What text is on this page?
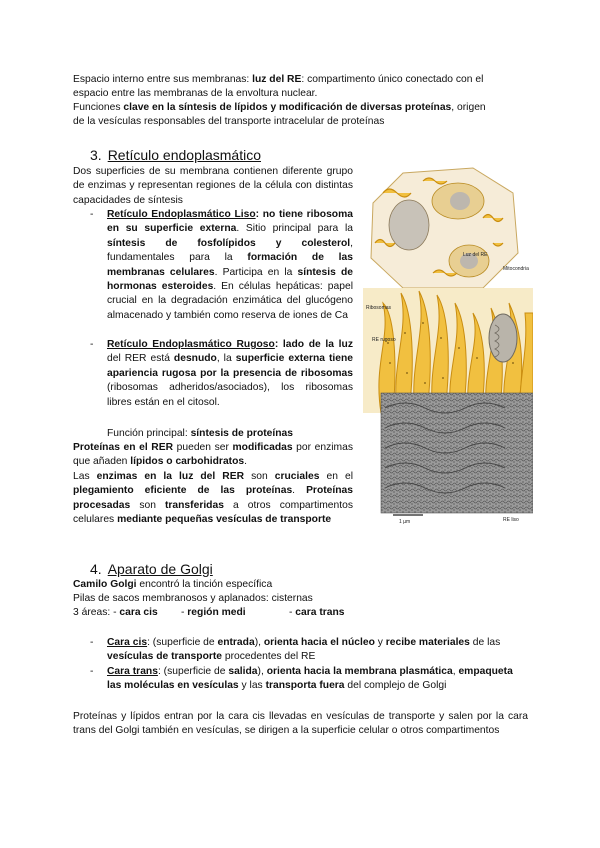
Espacio interno entre sus membranas: luz del RE: compartimento único conectado con el
espacio entre las membranas de la envoltura nuclear.
Funciones clave en la síntesis de lípidos y modificación de diversas proteínas, origen
de la vesículas responsables del transporte intracelular de proteínas
3. Retículo endoplasmático
Dos superficies de su membrana contienen diferente grupo de enzimas y representan regiones de la célula con distintas capacidades de síntesis
- Retículo Endoplasmático Liso: no tiene ribosoma en su superficie externa. Sitio principal para la síntesis de fosfolípidos y colesterol, fundamentales para la formación de las membranas celulares. Participa en la síntesis de hormonas esteroides. En células hepáticas: papel crucial en la degradación enzimática del glucógeno almacenado y también como reserva de iones de Ca
- Retículo Endoplasmático Rugoso: lado de la luz del RER está desnudo, la superficie externa tiene apariencia rugosa por la presencia de ribosomas (ribosomas adheridos/asociados), los ribosomas libres están en el citosol.
Función principal: síntesis de proteínas
Proteínas en el RER pueden ser modificadas por enzimas que añaden lípidos o carbohidratos.
Las enzimas en la luz del RER son cruciales en el plegamiento eficiente de las proteínas. Proteínas procesadas son transferidas a otros compartimentos celulares mediante pequeñas vesículas de transporte
Luz del RE
Mitocondria
Ribosomas
RE rugoso
1 µm	RE liso
4. Aparato de Golgi
Camilo Golgi encontró la tinción específica
Pilas de sacos membranosos y aplanados: cisternas
3 áreas: - cara cis - región medi	- cara trans
- Cara cis: (superficie de entrada), orienta hacia el núcleo y recibe materiales de las vesículas de transporte procedentes del RE
- Cara trans: (superficie de salida), orienta hacia la membrana plasmática, empaqueta las moléculas en vesículas y las transporta fuera del complejo de Golgi
Proteínas y lípidos entran por la cara cis llevadas en vesículas de transporte y salen por la cara trans del Golgi también en vesículas, se dirigen a la superficie celular o otros compartimentos
